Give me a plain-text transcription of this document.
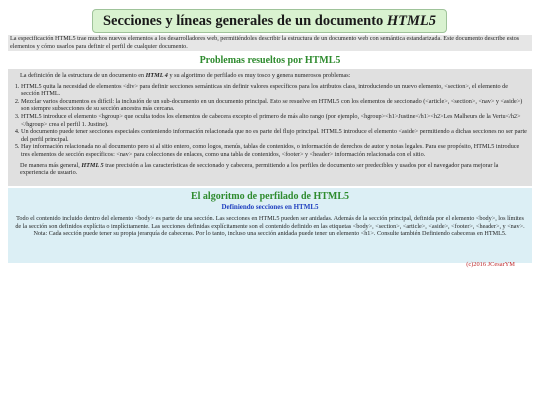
Secciones y líneas generales de un documento HTML5
La especificación HTML5 trae muchos nuevos elementos a los desarrolladores web, permitiéndoles describir la estructura de un documento web con semántica estandarizada. Este documento describe estos elementos y cómo usarlos para definir el perfil de cualquier documento.
Problemas resueltos por HTML5
La definición de la estructura de un documento en HTML 4 y su algoritmo de perfilado es muy tosco y genera numerosos problemas:
1. HTML5 quita la necesidad de elementos <div> para definir secciones semánticas sin definir valores específicos para los atributos class, introduciendo un nuevo elemento, <section>, el elemento de sección HTML.
2. Mezclar varios documentos es difícil: la inclusión de un sub-documento en un documento principal. Esto se resuelve en HTML5 con los elementos de seccionado (<article>, <section>, <nav> y <aside>) son siempre subsecciones de su sección ancestra más cercana.
3. HTML5 introduce el elemento <hgroup> que oculta todos los elementos de cabecera excepto el primero de más alto rango (por ejemplo, <hgroup><h1>Justine</h1><h2>Les Malheurs de la Vertu</h2></hgroup> crea el perfil 1. Justine).
4. Un documento puede tener secciones especiales conteniendo información relacionada que no es parte del flujo principal. HTML5 introduce el elemento <aside> permitiendo a dichas secciones no ser parte del perfil principal.
5. Hay información relacionada no al documento pero si al sitio entero, como logos, menús, tablas de contenidos, o información de derechos de autor y notas legales. Para ese propósito, HTML5 introduce tres elementos de sección específicos: <nav> para colecciones de enlaces, como una tabla de contenidos, <footer> y <header> información relacionada con el sitio.
De manera más general, HTML 5 trae precisión a las características de seccionado y cabecera, permitiendo a los perfiles de documento ser predecibles y usados por el navegador para mejorar la experiencia de usuario.
El algoritmo de perfilado de HTML5
Definiendo secciones en HTML5
Todo el contenido incluido dentro del elemento <body> es parte de una sección. Las secciones en HTML5 pueden ser anidadas. Además de la sección principal, definida por el elemento <body>, los límites de la sección son definidos explícita o implícitamente. Las secciones definidas explícitamente son el contenido definido en las etiquetas <body>, <section>, <article>, <aside>, <footer>, <header>, y <nav>. Nota: Cada sección puede tener su propia jerarquía de cabeceras. Por lo tanto, incluso una sección anidada puede tener un elemento <h1>. Consulte también Definiendo cabeceras en HTML5.
(c)2016 JCesarYM
